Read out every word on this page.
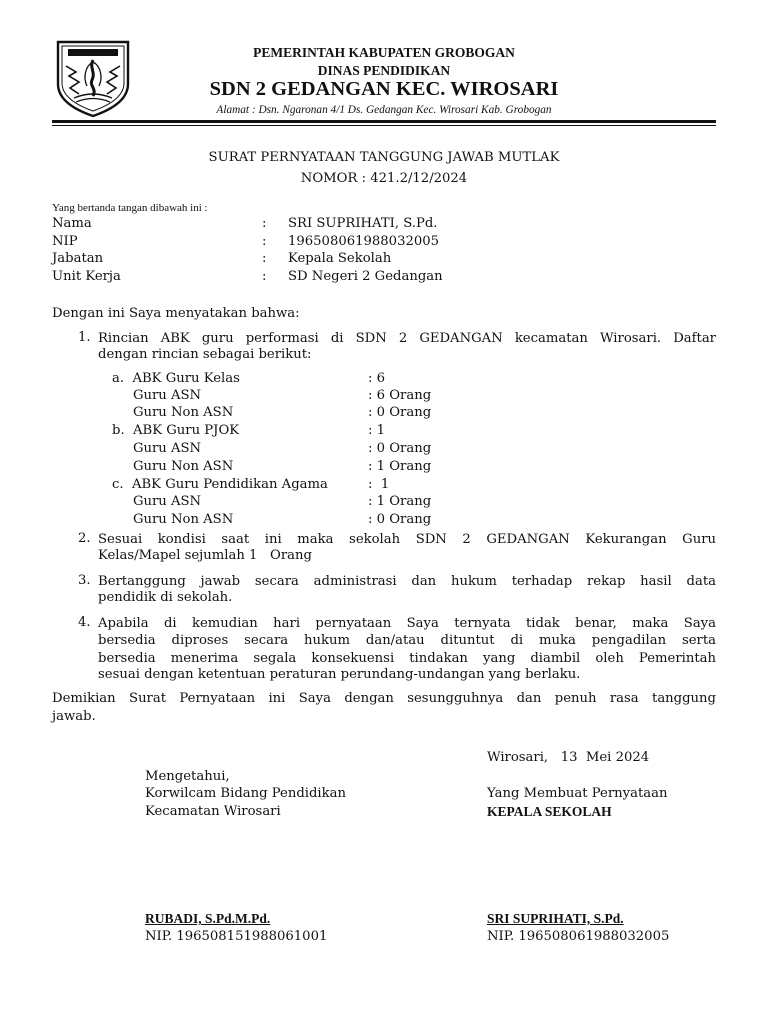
PEMERINTAH KABUPATEN GROBOGAN
DINAS PENDIDIKAN
SDN 2 GEDANGAN KEC. WIROSARI
Alamat : Dsn. Ngaronan 4/1 Ds. Gedangan Kec. Wirosari Kab. Grobogan
SURAT PERNYATAAN TANGGUNG JAWAB MUTLAK
NOMOR : 421.2/12/2024
Yang bertanda tangan dibawah ini :
Nama	: SRI SUPRIHATI, S.Pd.
NIP	: 196508061988032005
Jabatan	: Kepala Sekolah
Unit Kerja	: SD Negeri 2 Gedangan
Dengan ini Saya menyatakan bahwa:
1. Rincian ABK guru performasi di SDN 2 GEDANGAN kecamatan Wirosari. Daftar
dengan rincian sebagai berikut:
a.  ABK Guru Kelas	: 6
Guru ASN	: 6 Orang
Guru Non ASN	: 0 Orang
b.  ABK Guru PJOK	: 1
Guru ASN	: 0 Orang
Guru Non ASN	: 1 Orang
c.  ABK Guru Pendidikan Agama	:  1
Guru ASN	: 1 Orang
Guru Non ASN	: 0 Orang
2. Sesuai kondisi saat ini maka sekolah SDN 2 GEDANGAN Kekurangan Guru
Kelas/Mapel sejumlah 1   Orang
3. Bertanggung jawab secara administrasi dan hukum terhadap rekap hasil data
pendidik di sekolah.
4. Apabila di kemudian hari pernyataan Saya ternyata tidak benar, maka Saya
bersedia diproses secara hukum dan/atau dituntut di muka pengadilan serta
bersedia menerima segala konsekuensi tindakan yang diambil oleh Pemerintah
sesuai dengan ketentuan peraturan perundang-undangan yang berlaku.
Demikian Surat Pernyataan ini Saya dengan sesungguhnya dan penuh rasa tanggung
jawab.
Wirosari,   13  Mei 2024
Mengetahui,
Korwilcam Bidang Pendidikan
Kecamatan Wirosari
Yang Membuat Pernyataan
KEPALA SEKOLAH
RUBADI, S.Pd.M.Pd.
NIP. 196508151988061001
SRI SUPRIHATI, S.Pd.
NIP. 196508061988032005
